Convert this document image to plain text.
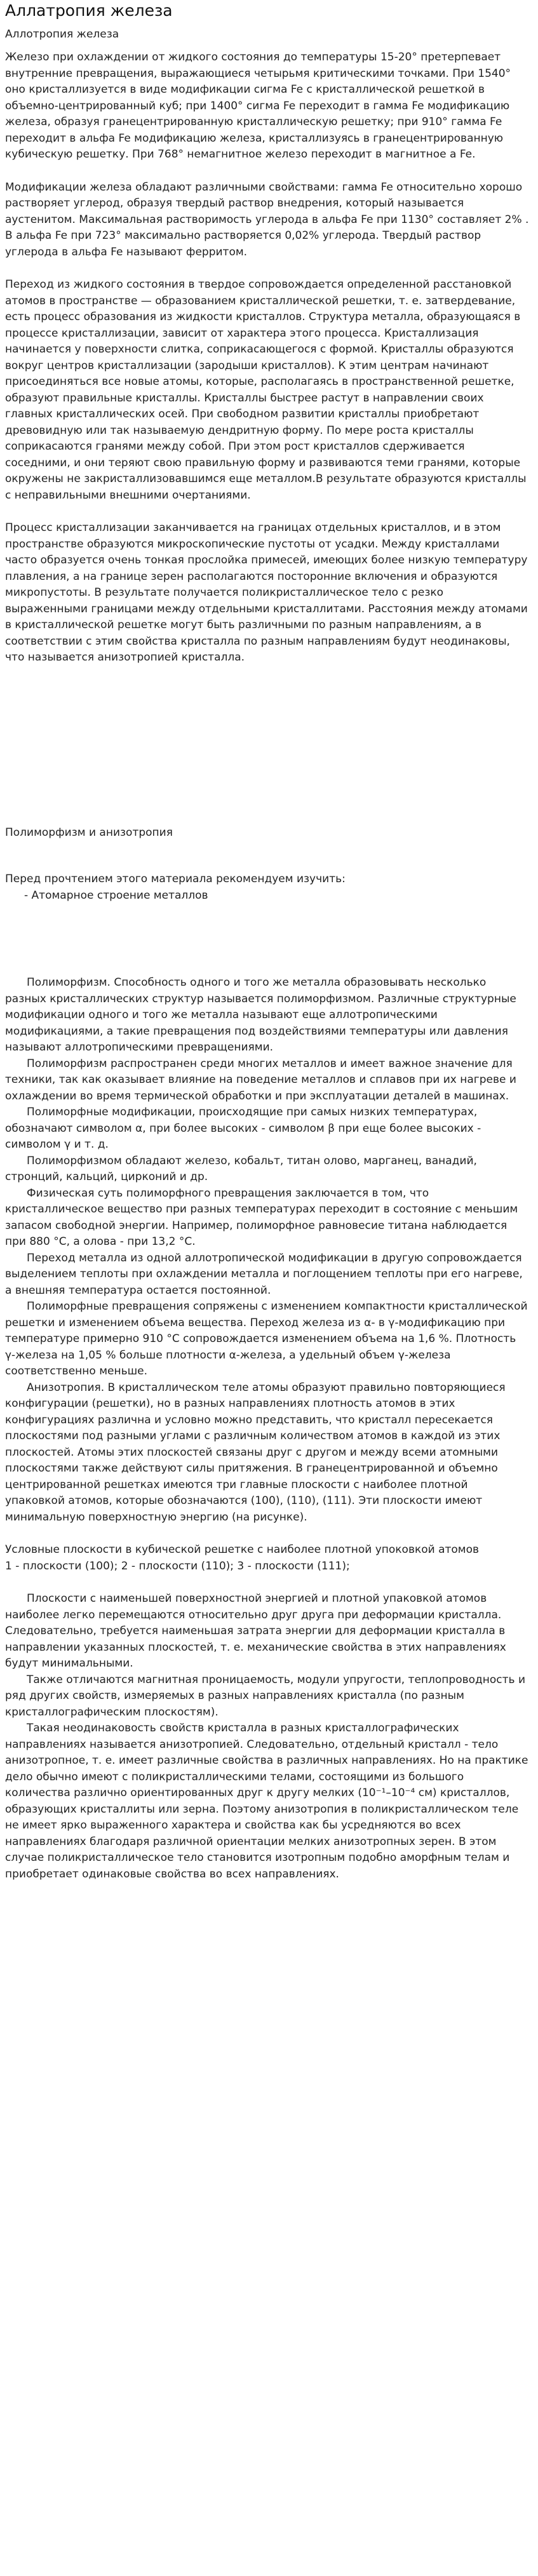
Аллатропия железа
Аллотропия железа

Железо при охлаждении от жидкого состояния до температуры 15-20° претерпевает внутренние превращения, выражающиеся четырьмя критическими точками. При 1540° оно кристаллизуется в виде модификации сигма Fe с кристаллической решеткой в объемно-центрированный куб; при 1400° сигма Fe переходит в гамма Fe модификацию железа, образуя гранецентрированную кристаллическую решетку; при 910° гамма Fe переходит в альфа Fe модификацию железа, кристаллизуясь в гранецентрированную кубическую решетку. При 768° немагнитное железо переходит в магнитное а Fe.

Модификации железа обладают различными свойствами: гамма Fe относительно хорошо растворяет углерод, образуя твердый раствор внедрения, который называется аустенитом. Максимальная растворимость углерода в альфа Fe при 1130° составляет 2% . В альфа Fe при 723° максимально растворяется 0,02% углерода. Твердый раствор углерода в альфа Fe называют ферритом.

Переход из жидкого состояния в твердое сопровождается определенной расстановкой атомов в пространстве — образованием кристаллической решетки, т. е. затвердевание, есть процесс образования из жидкости кристаллов. Структура металла, образующаяся в процессе кристаллизации, зависит от характера этого процесса. Кристаллизация начинается у поверхности слитка, соприкасающегося с формой. Кристаллы образуются вокруг центров кристаллизации (зародыши кристаллов). К этим центрам начинают присоединяться все новые атомы, которые, располагаясь в пространственной решетке, образуют правильные кристаллы. Кристаллы быстрее растут в направлении своих главных кристаллических осей. При свободном развитии кристаллы приобретают древовидную или так называемую дендритную форму. По мере роста кристаллы соприкасаются гранями между собой. При этом рост кристаллов сдерживается соседними, и они теряют свою правильную форму и развиваются теми гранями, которые окружены не закристаллизовавшимся еще металлом.В результате образуются кристаллы с неправильными внешними очертаниями.

Процесс кристаллизации заканчивается на границах отдельных кристаллов, и в этом пространстве образуются микроскопические пустоты от усадки. Между кристаллами часто образуется очень тонкая прослойка примесей, имеющих более низкую температуру плавления, а на границе зерен располагаются посторонние включения и образуются микропустоты. В результате получается поликристаллическое тело с резко выраженными границами между отдельными кристаллитами. Расстояния между атомами в кристаллической решетке могут быть различными по разным направлениям, а в соответствии с этим свойства кристалла по разным направлениям будут неодинаковы, что называется анизотропией кристалла.

Полиморфизм и анизотропия

Перед прочтением этого материала рекомендуем изучить:

- Атомарное строение металлов

Полиморфизм. Способность одного и того же металла образовывать несколько разных кристаллических структур называется полиморфизмом. Различные структурные модификации одного и того же металла называют еще аллотропическими модификациями, а такие превращения под воздействиями температуры или давления называют аллотропическими превращениями.

Полиморфизм распространен среди многих металлов и имеет важное значение для техники, так как оказывает влияние на поведение металлов и сплавов при их нагреве и охлаждении во время термической обработки и при эксплуатации деталей в машинах.

Полиморфные модификации, происходящие при самых низких температурах, обозначают символом α, при более высоких - символом β при еще более высоких - символом γ и т. д.

Полиморфизмом обладают железо, кобальт, титан олово, марганец, ванадий, стронций, кальций, цирконий и др.

Физическая суть полиморфного превращения заключается в том, что кристаллическое вещество при разных температурах переходит в состояние с меньшим запасом свободной энергии. Например, полиморфное равновесие титана наблюдается при 880 °С, а олова - при 13,2 °С.

Переход металла из одной аллотропической модификации в другую сопровождается выделением теплоты при охлаждении металла и поглощением теплоты при его нагреве, а внешняя температура остается постоянной.

Полиморфные превращения сопряжены с изменением компактности кристаллической решетки и изменением объема вещества. Переход железа из α- в γ-модификацию при температуре примерно 910 °С сопровождается изменением объема на 1,6 %. Плотность γ-железа на 1,05 % больше плотности α-железа, а удельный объем γ-железа соответственно меньше.

Анизотропия. В кристаллическом теле атомы образуют правильно повторяющиеся конфигурации (решетки), но в разных направлениях плотность атомов в этих конфигурациях различна и условно можно представить, что кристалл пересекается плоскостями под разными углами с различным количеством атомов в каждой из этих плоскостей. Атомы этих плоскостей связаны друг с другом и между всеми атомными плоскостями также действуют силы притяжения. В гранецентрированной и объемно центрированной решетках имеются три главные плоскости с наиболее плотной упаковкой атомов, которые обозначаются (100), (110), (111). Эти плоскости имеют минимальную поверхностную энергию (на рисунке).

Условные плоскости в кубической решетке с наиболее плотной упоковкой атомов

1 - плоскости (100); 2 - плоскости (110); 3 - плоскости (111);

Плоскости с наименьшей поверхностной энергией и плотной упаковкой атомов наиболее легко перемещаются относительно друг друга при деформации кристалла. Следовательно, требуется наименьшая затрата энергии для деформации кристалла в направлении указанных плоскостей, т. е. механические свойства в этих направлениях будут минимальными.

Также отличаются магнитная проницаемость, модули упругости, теплопроводность и ряд других свойств, измеряемых в разных направлениях кристалла (по разным кристаллографическим плоскостям).

Такая неодинаковость свойств кристалла в разных кристаллографических направлениях называется анизотропией. Следовательно, отдельный кристалл - тело анизотропное, т. е. имеет различные свойства в различных направлениях. Но на практике дело обычно имеют с поликристаллическими телами, состоящими из большого количества различно ориентированных друг к другу мелких (10⁻¹–10⁻⁴ см) кристаллов, образующих кристаллиты или зерна. Поэтому анизотропия в поликристаллическом теле не имеет ярко выраженного характера и свойства как бы усредняются во всех направлениях благодаря различной ориентации мелких анизотропных зерен. В этом случае поликристаллическое тело становится изотропным подобно аморфным телам и приобретает одинаковые свойства во всех направлениях.
